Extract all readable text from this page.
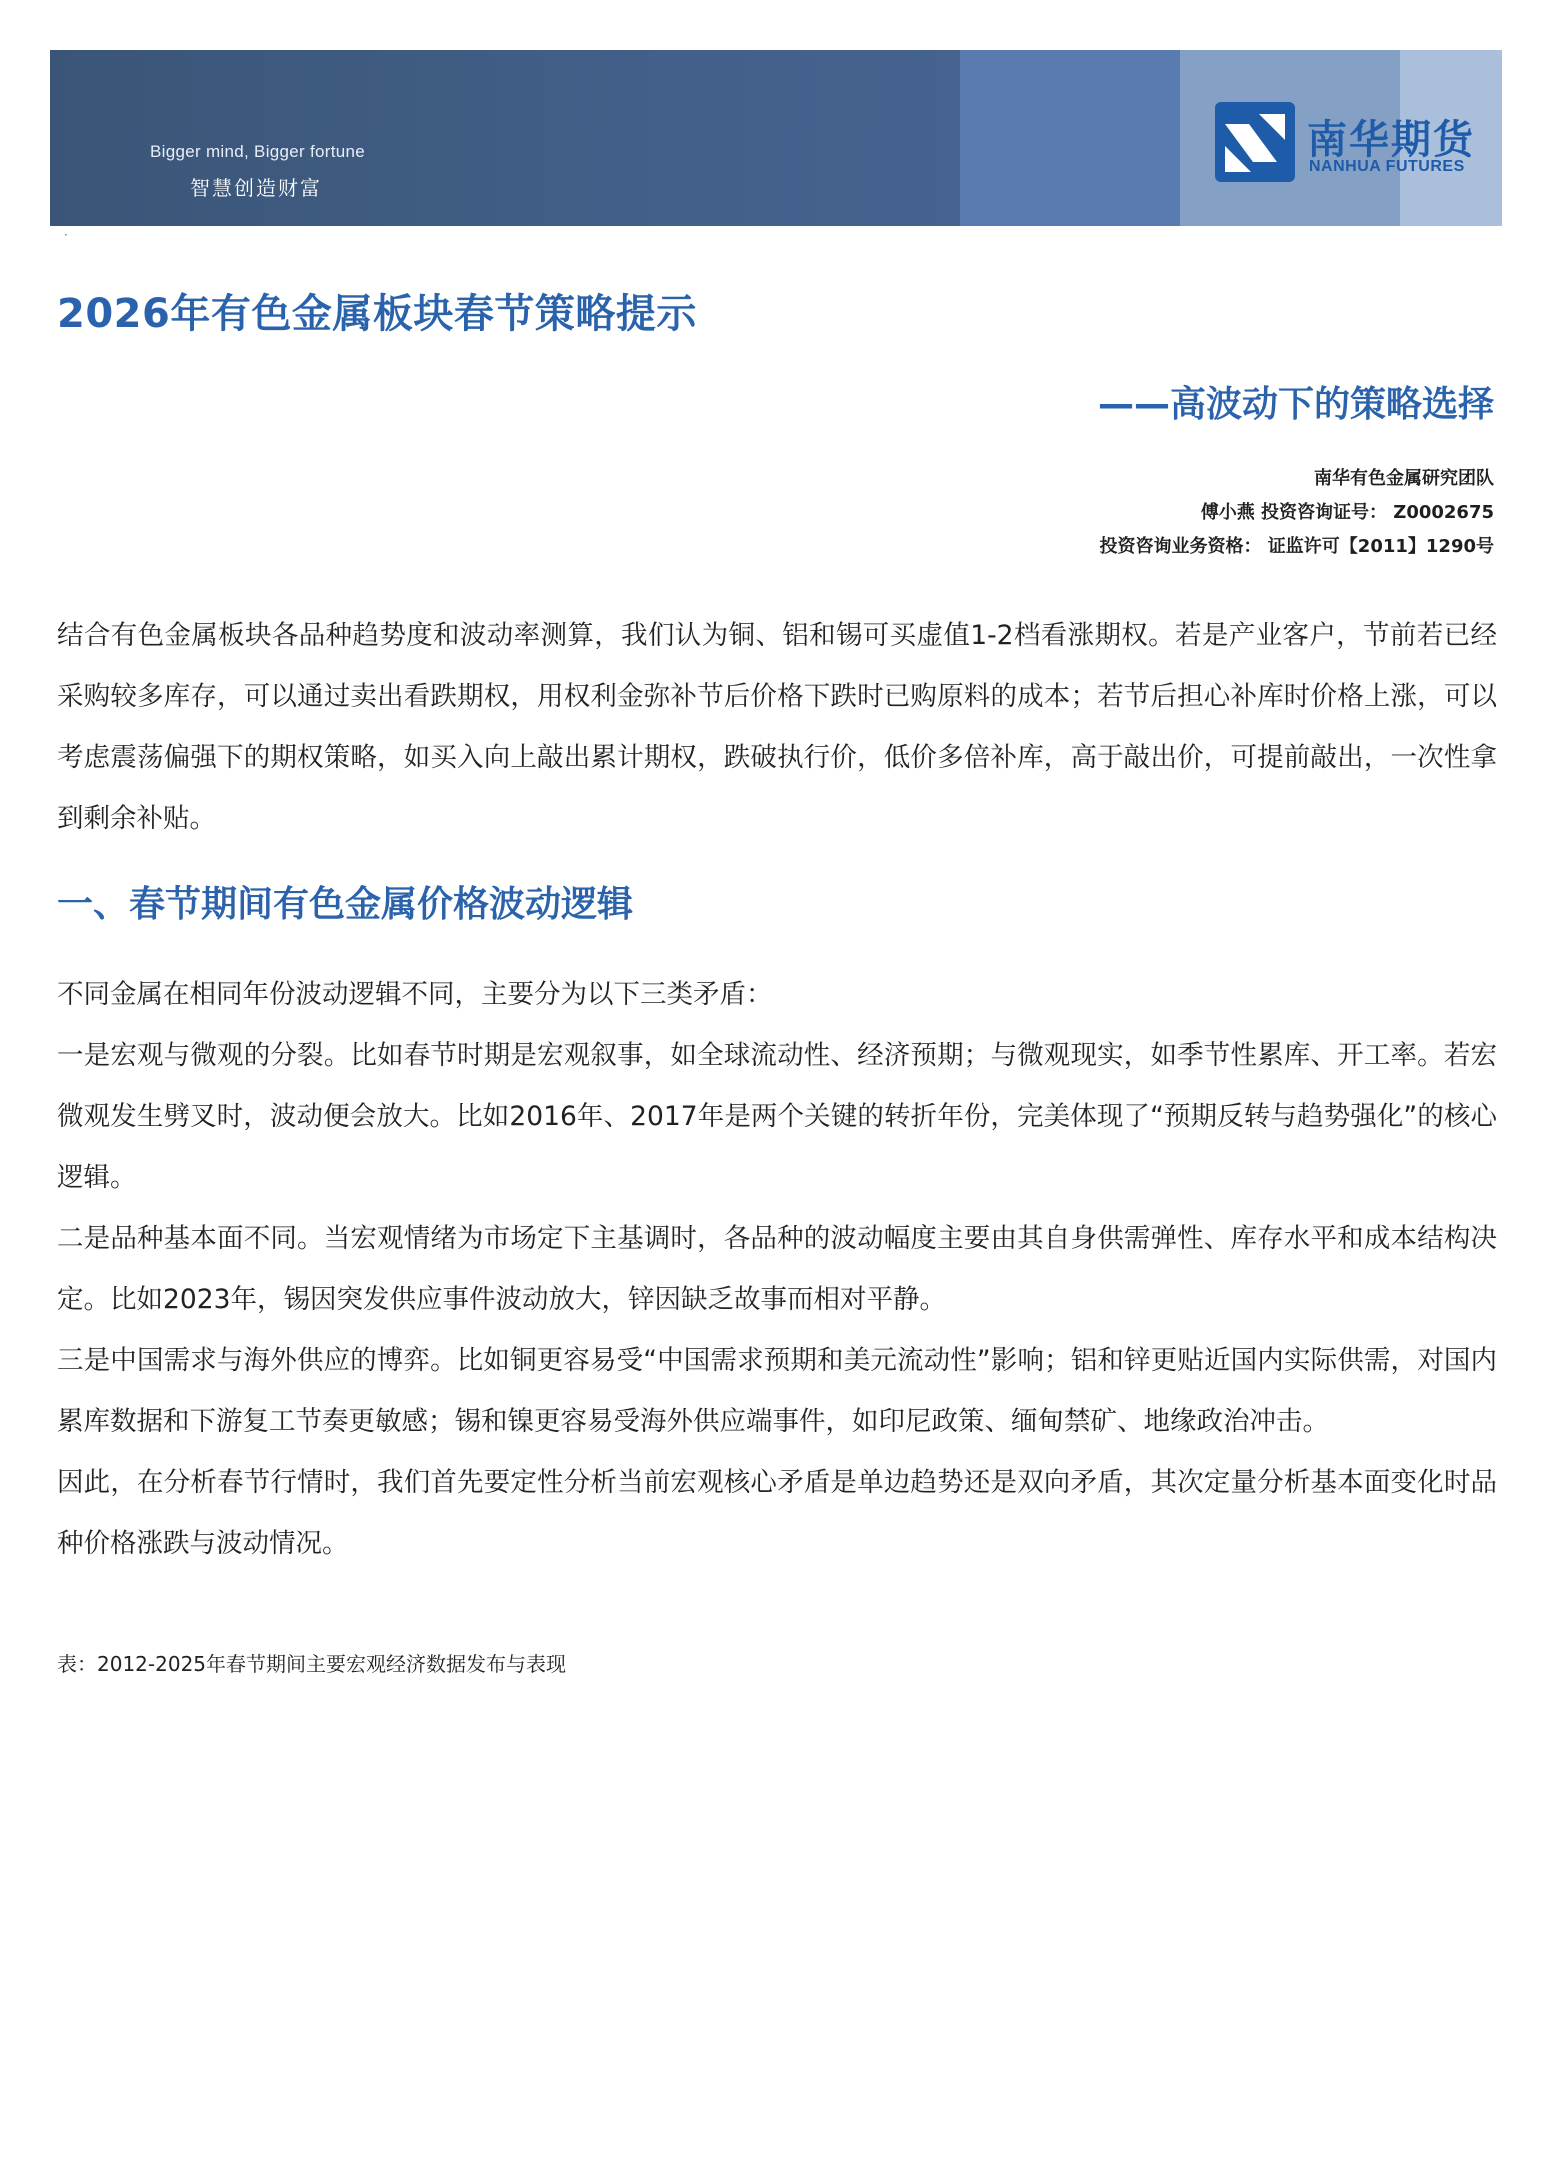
Bigger mind, Bigger fortune
智慧创造财富
南华期货
NANHUA FUTURES
·
2026年有色金属板块春节策略提示
——高波动下的策略选择
南华有色金属研究团队
傅小燕 投资咨询证号： Z0002675
投资咨询业务资格： 证监许可【2011】1290号
结合有色金属板块各品种趋势度和波动率测算，我们认为铜、铝和锡可买虚值1-2档看涨期权。若是产业客户，节前若已经采购较多库存，可以通过卖出看跌期权，用权利金弥补节后价格下跌时已购原料的成本；若节后担心补库时价格上涨，可以考虑震荡偏强下的期权策略，如买入向上敲出累计期权，跌破执行价，低价多倍补库，高于敲出价，可提前敲出，一次性拿到剩余补贴。
一、春节期间有色金属价格波动逻辑

不同金属在相同年份波动逻辑不同，主要分为以下三类矛盾：

一是宏观与微观的分裂。比如春节时期是宏观叙事，如全球流动性、经济预期；与微观现实，如季节性累库、开工率。若宏微观发生劈叉时，波动便会放大。比如2016年、2017年是两个关键的转折年份，完美体现了“预期反转与趋势强化”的核心逻辑。

二是品种基本面不同。当宏观情绪为市场定下主基调时，各品种的波动幅度主要由其自身供需弹性、库存水平和成本结构决定。比如2023年，锡因突发供应事件波动放大，锌因缺乏故事而相对平静。

三是中国需求与海外供应的博弈。比如铜更容易受“中国需求预期和美元流动性”影响；铝和锌更贴近国内实际供需，对国内累库数据和下游复工节奏更敏感；锡和镍更容易受海外供应端事件，如印尼政策、缅甸禁矿、地缘政治冲击。

因此，在分析春节行情时，我们首先要定性分析当前宏观核心矛盾是单边趋势还是双向矛盾，其次定量分析基本面变化时品种价格涨跌与波动情况。

表：2012-2025年春节期间主要宏观经济数据发布与表现
